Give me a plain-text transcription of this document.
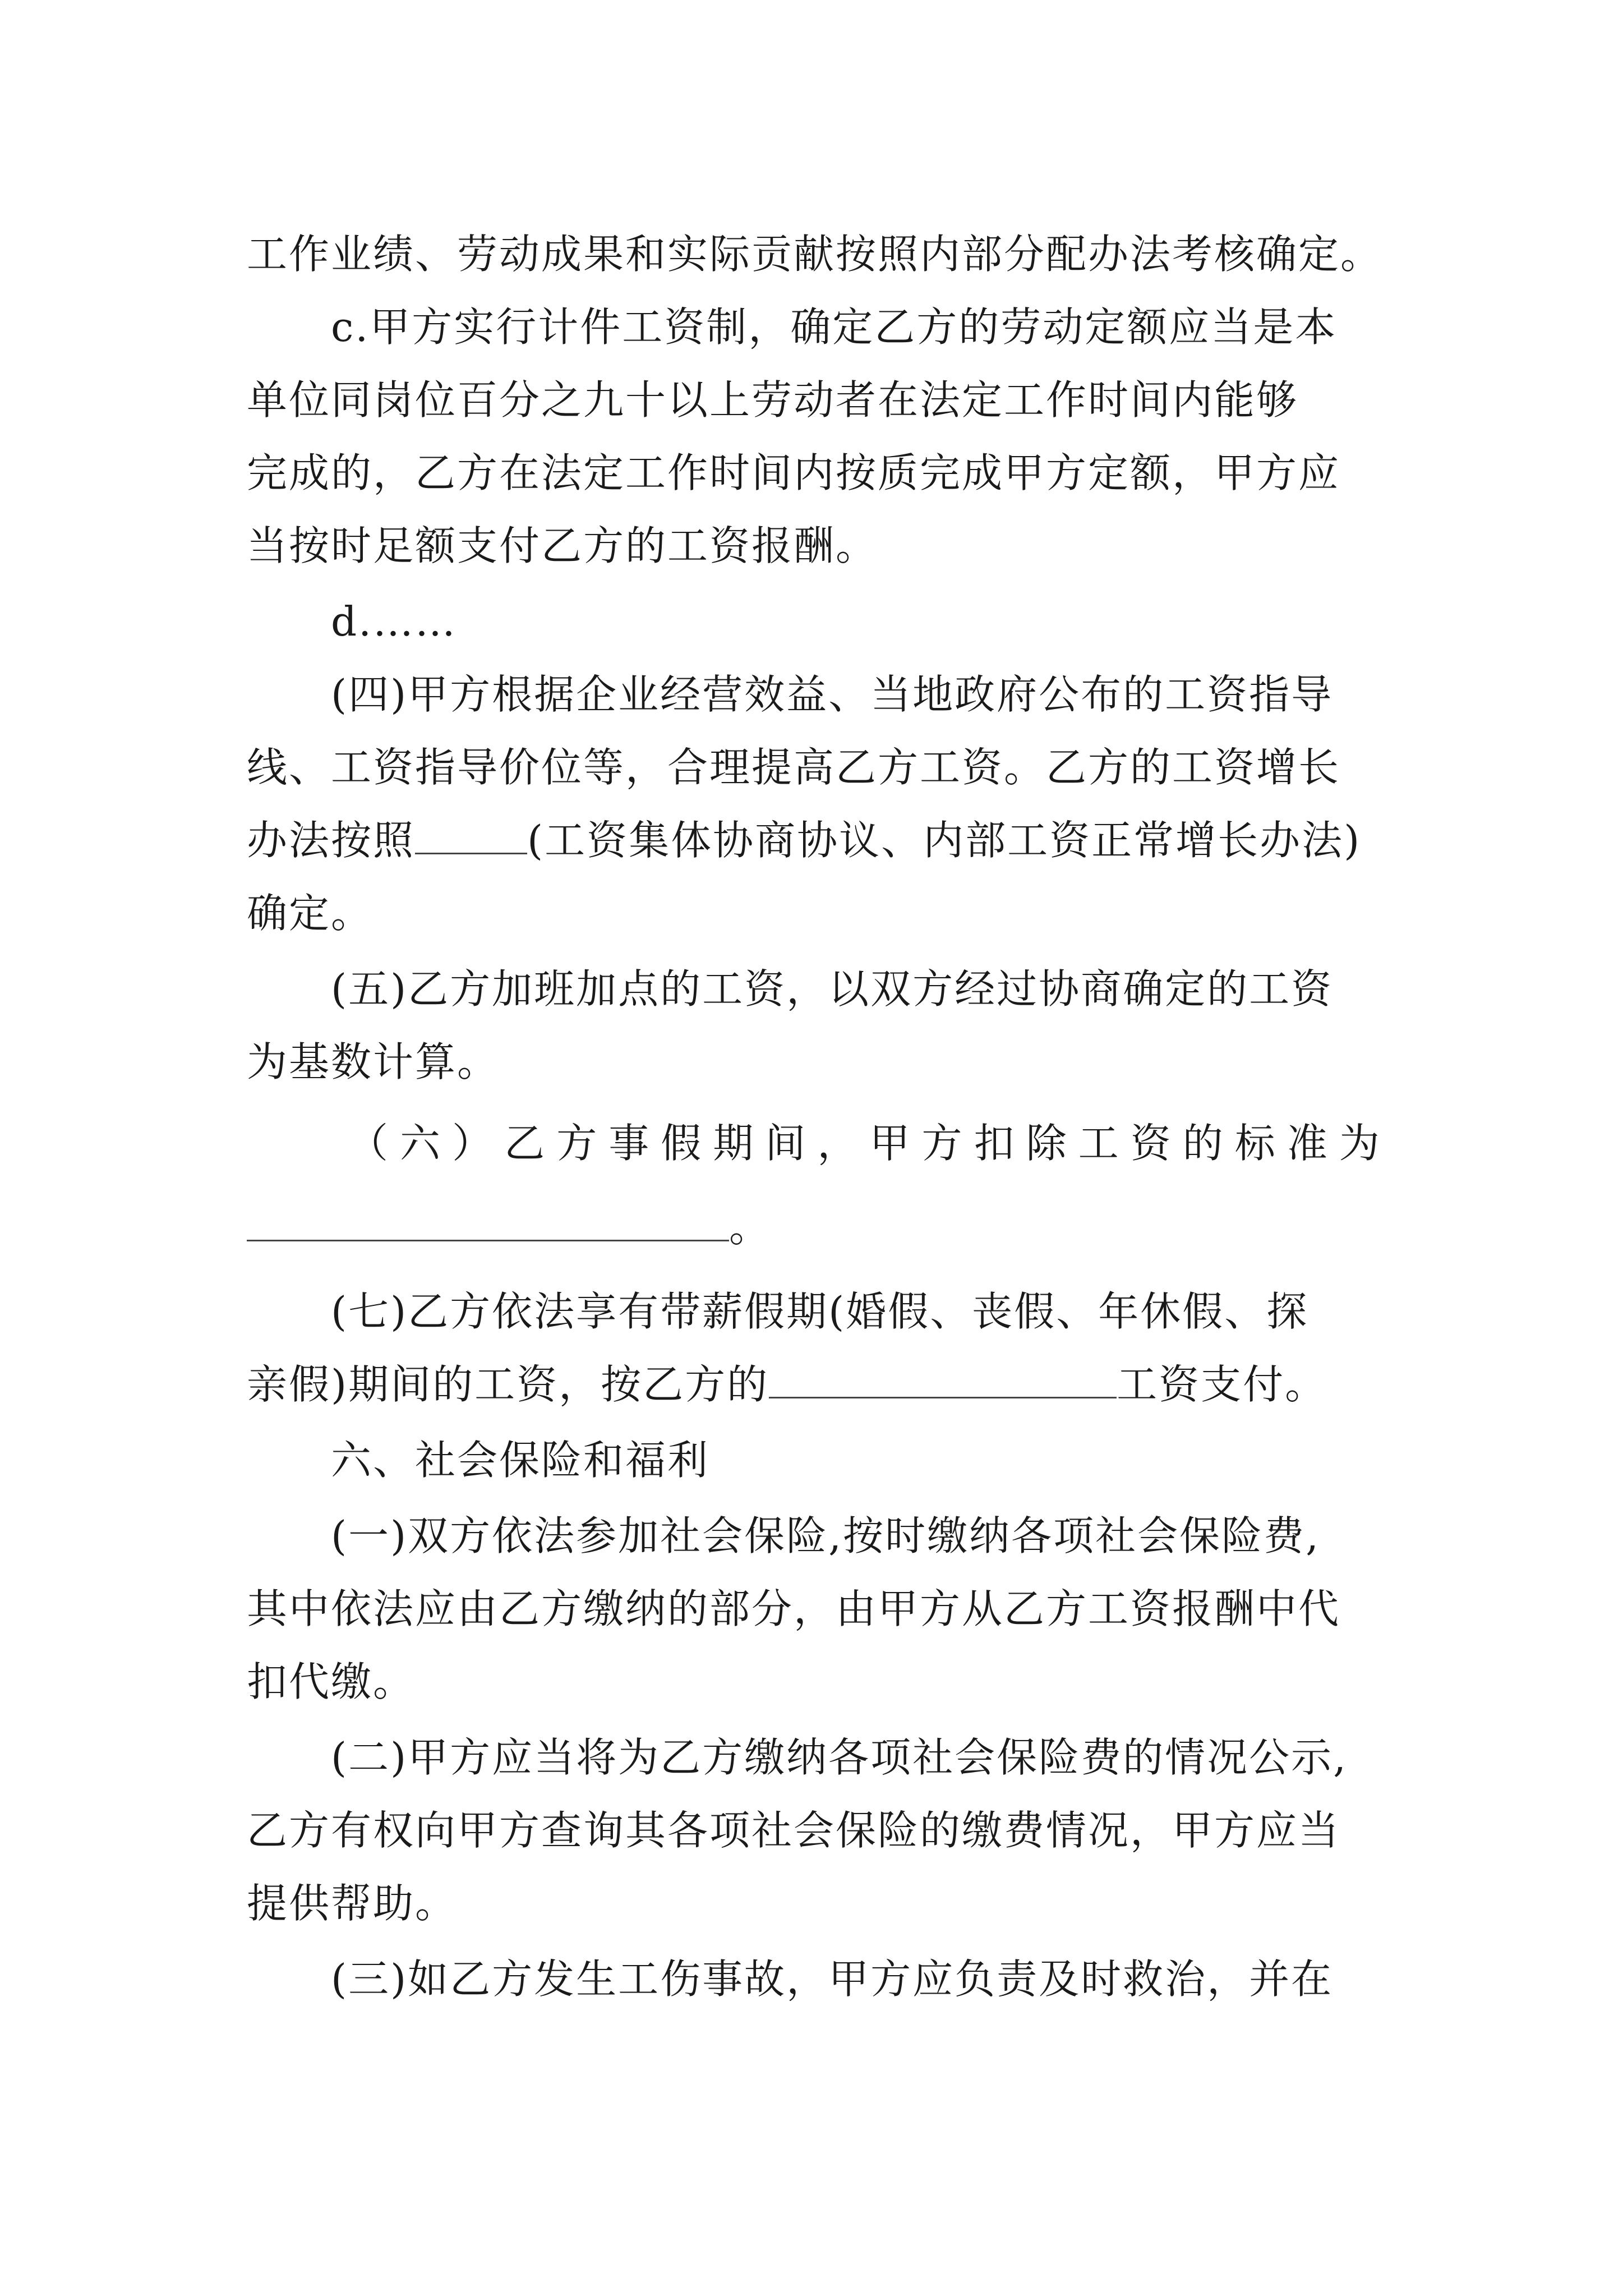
工作业绩、劳动成果和实际贡献按照内部分配办法考核确定。
c.甲方实行计件工资制，确定乙方的劳动定额应当是本
单位同岗位百分之九十以上劳动者在法定工作时间内能够
完成的，乙方在法定工作时间内按质完成甲方定额，甲方应
当按时足额支付乙方的工资报酬。
d.……
(四)甲方根据企业经营效益、当地政府公布的工资指导
线、工资指导价位等，合理提高乙方工资。乙方的工资增长
办法按照	(工资集体协商协议、内部工资正常增长办法)
确定。
(五)乙方加班加点的工资，以双方经过协商确定的工资
为基数计算。
（ 六 ） 乙 方 事 假 期 间 ， 甲 方 扣 除 工 资 的 标 准 为
。
(七)乙方依法享有带薪假期(婚假、丧假、年休假、探
亲假)期间的工资，按乙方的	工资支付。
六、社会保险和福利
(一)双方依法参加社会保险,按时缴纳各项社会保险费,
其中依法应由乙方缴纳的部分，由甲方从乙方工资报酬中代
扣代缴。
(二)甲方应当将为乙方缴纳各项社会保险费的情况公示,
乙方有权向甲方查询其各项社会保险的缴费情况，甲方应当
提供帮助。
(三)如乙方发生工伤事故，甲方应负责及时救治，并在
